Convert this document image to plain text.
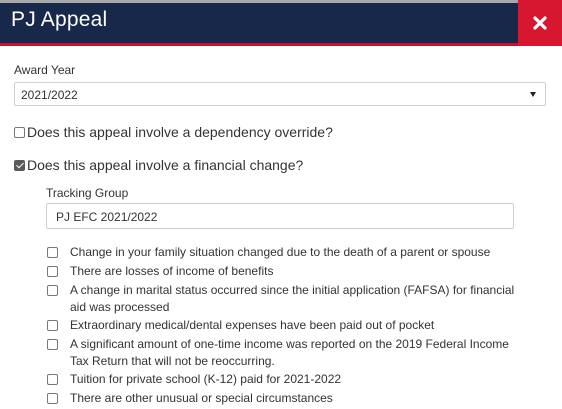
PJ Appeal
Award Year
2021/2022
Does this appeal involve a dependency override?
Does this appeal involve a financial change?
Tracking Group
PJ EFC 2021/2022
Change in your family situation changed due to the death of a parent or spouse
There are losses of income of benefits
A change in marital status occurred since the initial application (FAFSA) for financial aid was processed
Extraordinary medical/dental expenses have been paid out of pocket
A significant amount of one-time income was reported on the 2019 Federal Income Tax Return that will not be reoccurring.
Tuition for private school (K-12) paid for 2021-2022
There are other unusual or special circumstances
